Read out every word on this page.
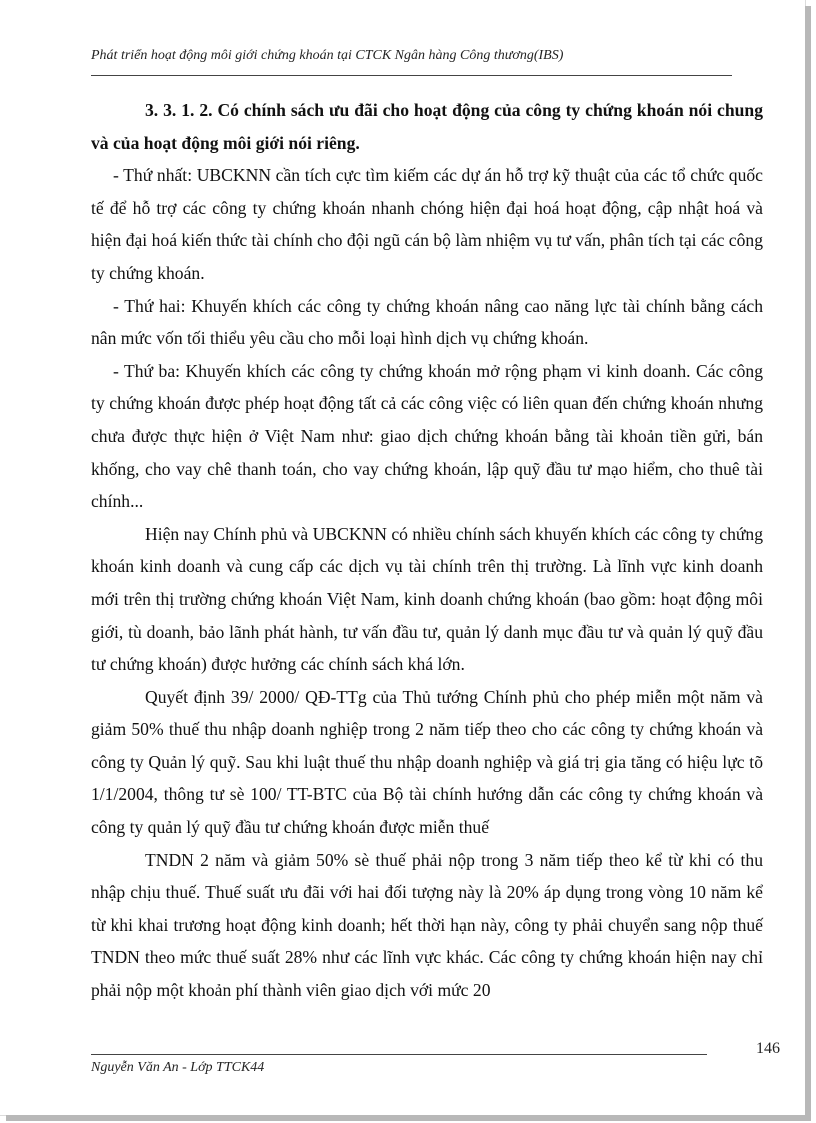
Phát triển hoạt động môi giới chứng khoán tại CTCK Ngân hàng Công thương(IBS)

3. 3. 1. 2. Có chính sách ưu đãi cho hoạt động của công ty chứng khoán nói chung và của hoạt động môi giới nói riêng.

- Thứ nhất: UBCKNN cần tích cực tìm kiếm các dự án hỗ trợ kỹ thuật của các tổ chức quốc tế để hỗ trợ các công ty chứng khoán nhanh chóng hiện đại hoá hoạt động, cập nhật hoá và hiện đại hoá kiến thức tài chính cho đội ngũ cán bộ làm nhiệm vụ tư vấn, phân tích tại các công ty chứng khoán.

- Thứ hai: Khuyến khích các công ty chứng khoán nâng cao năng lực tài chính bằng cách nân mức vốn tối thiểu yêu cầu cho mỗi loại hình dịch vụ chứng khoán.

- Thứ ba: Khuyến khích các công ty chứng khoán mở rộng phạm vi kinh doanh. Các công ty chứng khoán được phép hoạt động tất cả các công việc có liên quan đến chứng khoán nhưng chưa được thực hiện ở Việt Nam như: giao dịch chứng khoán bằng tài khoản tiền gửi, bán khống, cho vay chê thanh toán, cho vay chứng khoán, lập quỹ đầu tư mạo hiểm, cho thuê tài chính...

Hiện nay Chính phủ và UBCKNN có nhiều chính sách khuyến khích các công ty chứng khoán kinh doanh và cung cấp các dịch vụ tài chính trên thị trường. Là lĩnh vực kinh doanh mới trên thị trường chứng khoán Việt Nam, kinh doanh chứng khoán (bao gồm: hoạt động môi giới, tù doanh, bảo lãnh phát hành, tư vấn đầu tư, quản lý danh mục đầu tư và quản lý quỹ đầu tư chứng khoán) được hưởng các chính sách khá lớn.

Quyết định 39/ 2000/ QĐ-TTg của Thủ tướng Chính phủ cho phép miễn một năm và giảm 50% thuế thu nhập doanh nghiệp trong 2 năm tiếp theo cho các công ty chứng khoán và công ty Quản lý quỹ. Sau khi luật thuế thu nhập doanh nghiệp và giá trị gia tăng có hiệu lực tõ 1/1/2004, thông tư sè 100/ TT-BTC của Bộ tài chính hướng dẫn các công ty chứng khoán và công ty quản lý quỹ đầu tư chứng khoán được miễn thuế

TNDN 2 năm và giảm 50% sè thuế phải nộp trong 3 năm tiếp theo kể từ khi có thu nhập chịu thuế. Thuế suất ưu đãi với hai đối tượng này là 20% áp dụng trong vòng 10 năm kể từ khi khai trương hoạt động kinh doanh; hết thời hạn này, công ty phải chuyển sang nộp thuế TNDN theo mức thuế suất 28% như các lĩnh vực khác. Các công ty chứng khoán hiện nay chỉ phải nộp một khoản phí thành viên giao dịch với mức 20

146
Nguyễn Văn An - Lớp TTCK44
